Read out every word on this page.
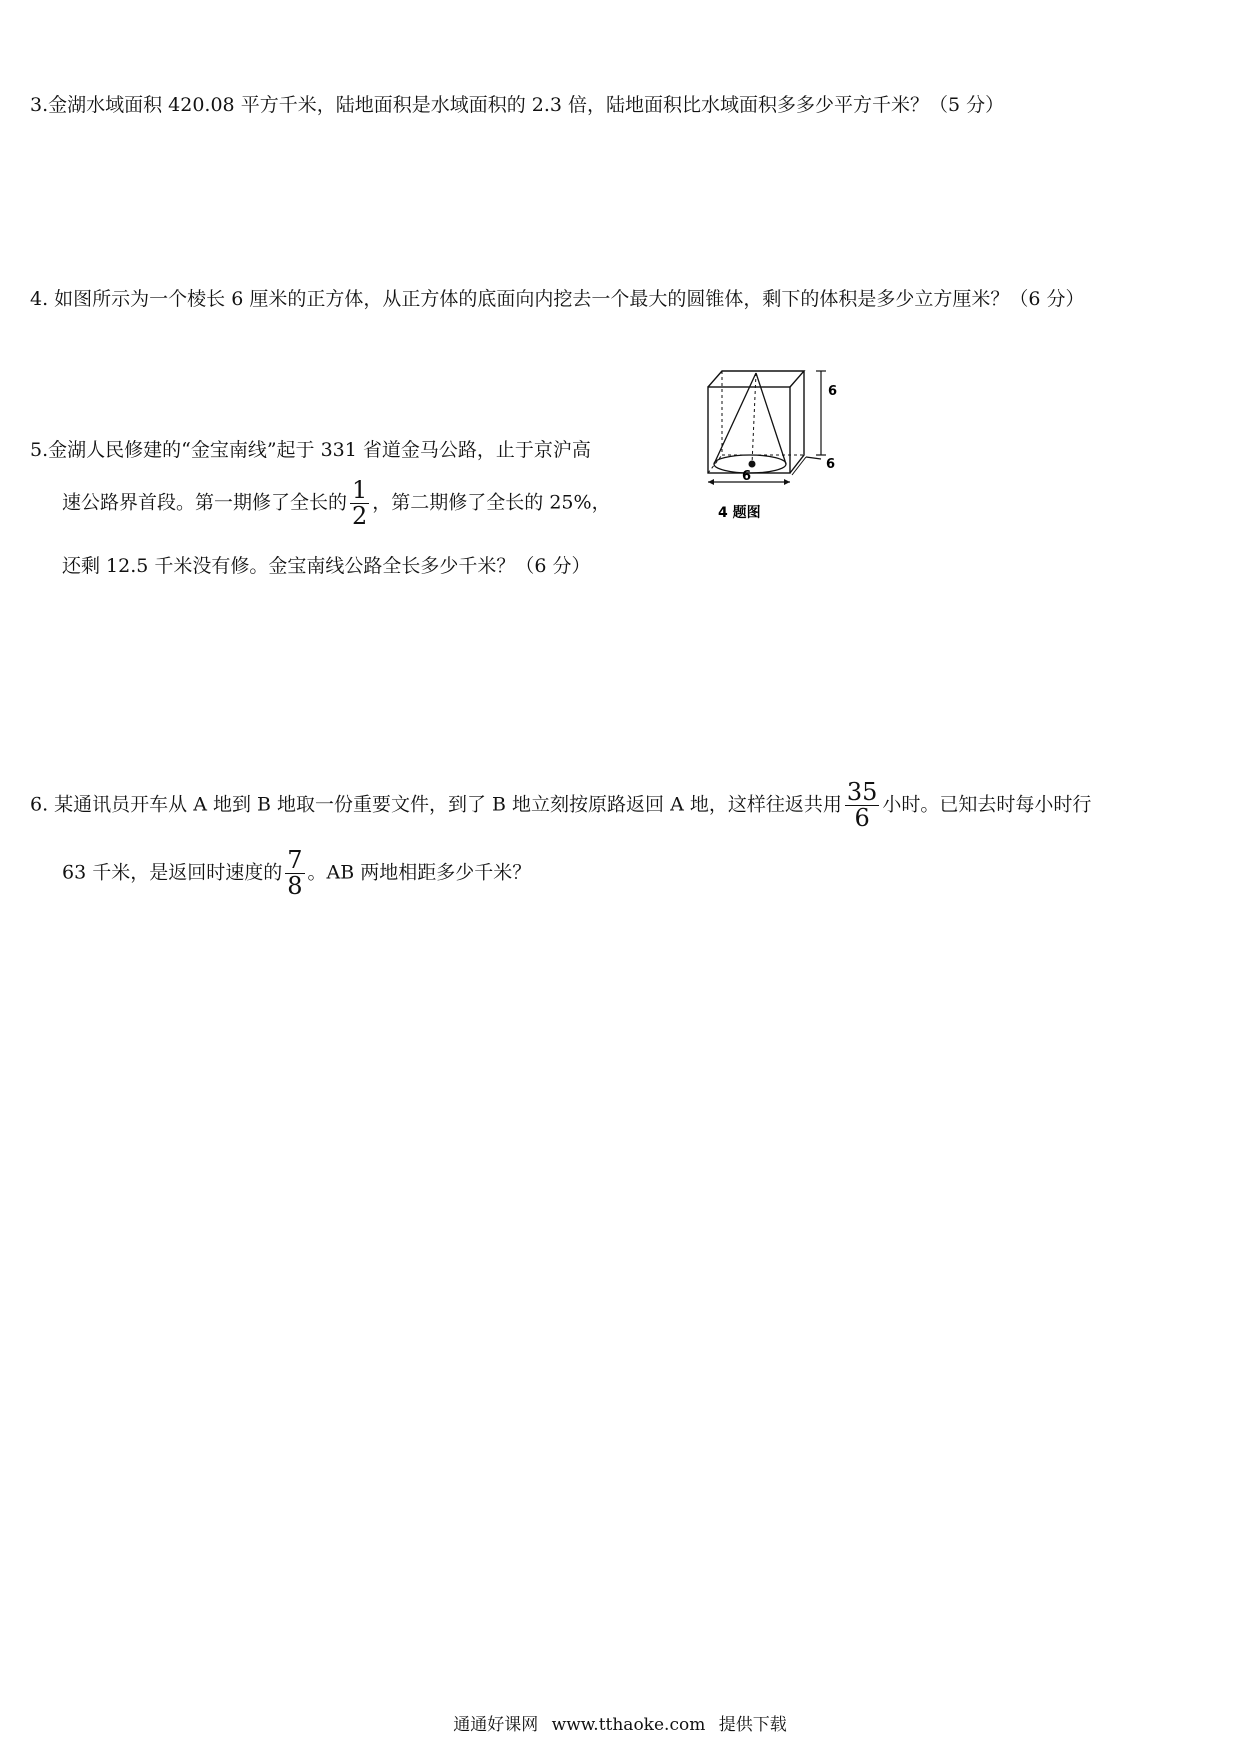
3.金湖水域面积 420.08 平方千米，陆地面积是水域面积的 2.3 倍，陆地面积比水域面积多多少平方千米？（5 分）
4. 如图所示为一个棱长 6 厘米的正方体，从正方体的底面向内挖去一个最大的圆锥体，剩下的体积是多少立方厘米？（6 分）
6
6
6
4 题图
5.金湖人民修建的“金宝南线”起于 331 省道金马公路，止于京沪高
速公路界首段。第一期修了全长的 $\frac{1}{2}$ ，第二期修了全长的 25%，
还剩 12.5 千米没有修。金宝南线公路全长多少千米？（6 分）
6. 某通讯员开车从 A 地到 B 地取一份重要文件，到了 B 地立刻按原路返回 A 地，这样往返共用 $\frac{35}{6}$ 小时。已知去时每小时行
63 千米，是返回时速度的 $\frac{7}{8}$ 。AB 两地相距多少千米？
通通好课网 www.tthaoke.com 提供下载
